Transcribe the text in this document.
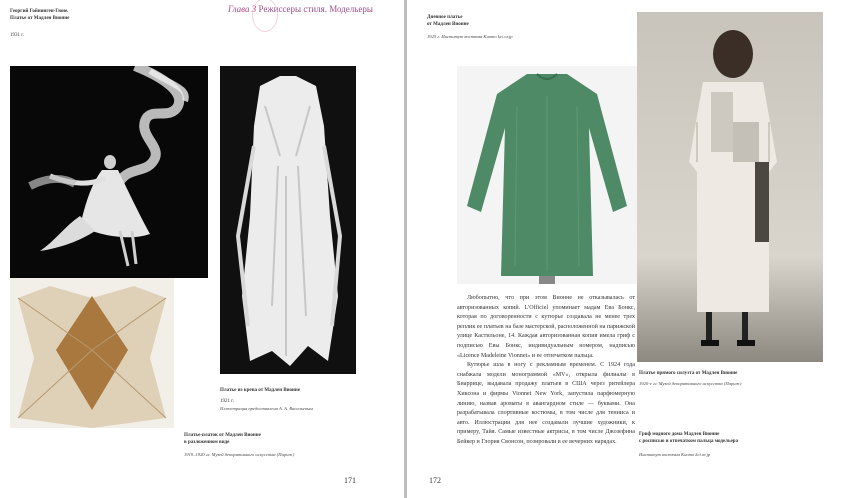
Георгий Гойнинген-Гюне.
Платье от Мадлен Вионне
1931 г.
Глава 3 Режиссеры стиля. Модельеры
Платье из крепа от Мадлен Вионне
1921 г.
Иллюстрация предоставлена А. А. Васильевым
Платье-платок от Мадлен Вионне
в разложенном виде
1919–1920 гг. Музей декоративного искусства (Париж)
171
Дневное платье
от Мадлен Вионне
1925 г. Институт костюма Киото kci.or.jp

Любопытно, что при этом Вионне не отказывалась от авторизованных копий. L'Officiel упоминает мадам Ева Бонкс, которая по договоренности с кутюрье создавала не менее трех реплик ее платьев на базе мастерской, расположенной на парижской улице Кастильоне, 14. Каждая авторизованная копия имела гриф с подписью Евы Бонкс, индивидуальным номером, надписью «Licence Madeleine Vionnet» и ее отпечатком пальца.

Кутюрье шла в ногу с рекламным временем. С 1924 года снабжала модели монограммой «MV», открыла филиалы в Биаррице, выдавала продажу платьев в США через ритейлера Хиксона и фирмы Vionnet New York, запустила парфюмерную линию, назвав ароматы в авангардном стиле — буквами. Она разрабатывала спортивные костюмы, в том числе для тенниса и авто. Иллюстрации для нее создавали лучшие художники, к примеру, Тайя. Самые известные актрисы, в том числе Джозефина Бейкер и Глория Свонсон, позировали в ее вечерних нарядах.

Платье прямого силуэта от Мадлен Вионне
1920-е гг. Музей декоративного искусства (Париж)
Гриф модного дома Мадлен Вионне
с росписью и отпечатком пальца модельера
Институт костюма Киото kci.or.jp
172
